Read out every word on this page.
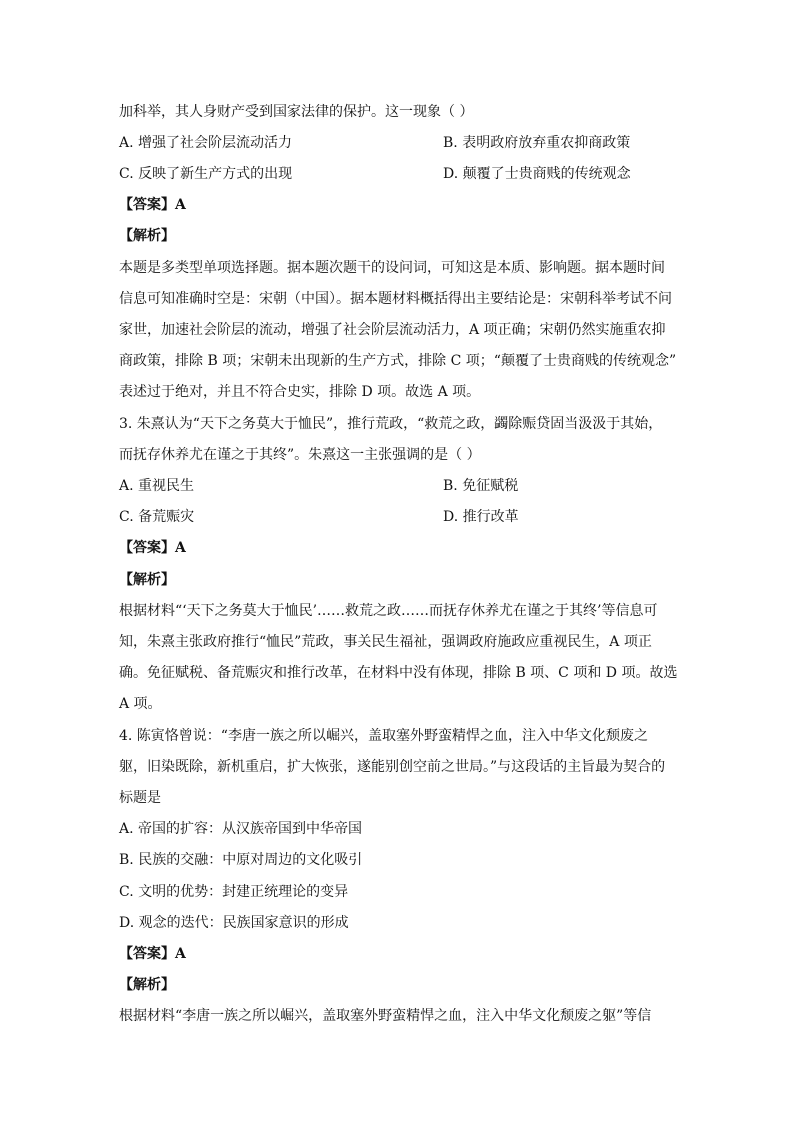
加科举，其人身财产受到国家法律的保护。这一现象（ ）
A. 增强了社会阶层流动活力	B. 表明政府放弃重农抑商政策
C. 反映了新生产方式的出现	D. 颠覆了士贵商贱的传统观念
【答案】A
【解析】
本题是多类型单项选择题。据本题次题干的设问词，可知这是本质、影响题。据本题时间
信息可知准确时空是：宋朝（中国）。据本题材料概括得出主要结论是：宋朝科举考试不问
家世，加速社会阶层的流动，增强了社会阶层流动活力，A 项正确；宋朝仍然实施重农抑
商政策，排除 B 项；宋朝未出现新的生产方式，排除 C 项；“颠覆了士贵商贱的传统观念”
表述过于绝对，并且不符合史实，排除 D 项。故选 A 项。
3. 朱熹认为“天下之务莫大于恤民”，推行荒政，“救荒之政，蠲除赈贷固当汲汲于其始，
而抚存休养尤在谨之于其终”。朱熹这一主张强调的是（ ）
A. 重视民生	B. 免征赋税
C. 备荒赈灾	D. 推行改革
【答案】A
【解析】
根据材料“‘天下之务莫大于恤民’……救荒之政……而抚存休养尤在谨之于其终’等信息可
知，朱熹主张政府推行“恤民”荒政，事关民生福祉，强调政府施政应重视民生，A 项正
确。免征赋税、备荒赈灾和推行改革，在材料中没有体现，排除 B 项、C 项和 D 项。故选
A 项。
4. 陈寅恪曾说：“李唐一族之所以崛兴，盖取塞外野蛮精悍之血，注入中华文化颓废之
躯，旧染既除，新机重启，扩大恢张，遂能别创空前之世局。”与这段话的主旨最为契合的
标题是
A. 帝国的扩容：从汉族帝国到中华帝国
B. 民族的交融：中原对周边的文化吸引
C. 文明的优势：封建正统理论的变异
D. 观念的迭代：民族国家意识的形成
【答案】A
【解析】
根据材料“李唐一族之所以崛兴，盖取塞外野蛮精悍之血，注入中华文化颓废之躯”等信
